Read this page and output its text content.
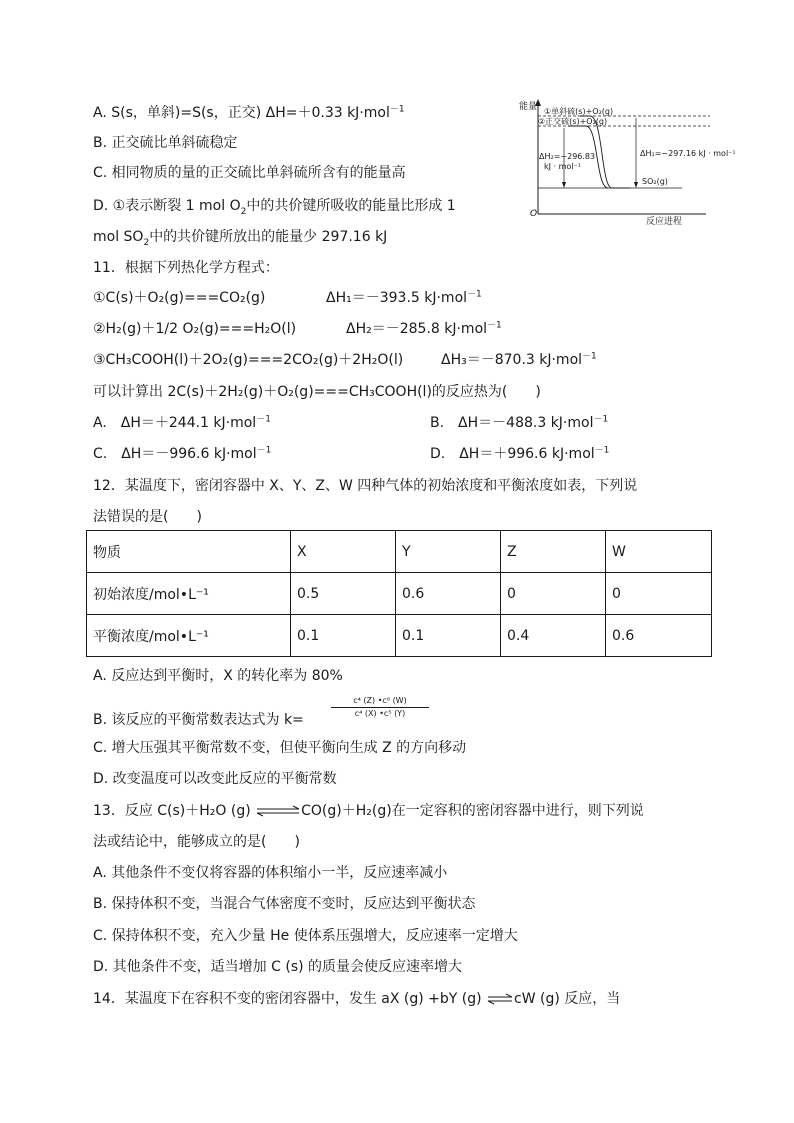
A. S(s，单斜)=S(s，正交) ΔH=＋0.33 kJ·mol$^{-1}$
B. 正交硫比单斜硫稳定
C. 相同物质的量的正交硫比单斜硫所含有的能量高
D. ①表示断裂 1 mol $O_2$中的共价键所吸收的能量比形成 1
mol $SO_2$中的共价键所放出的能量少 297.16 kJ
能量
O
反应进程
①单斜硫(s)+O₂(g)
②正交硫(s)+O₂(g)
ΔH₂=−296.83
kJ · mol⁻¹
ΔH₁=−297.16 kJ · mol⁻¹
SO₂(g)
11．根据下列热化学方程式：
①C(s)＋O₂(g)===CO₂(g)	ΔH₁＝－393.5 kJ·mol$^{-1}$
②H₂(g)＋1/2 O₂(g)===H₂O(l)	ΔH₂＝－285.8 kJ·mol$^{-1}$
③CH₃COOH(l)＋2O₂(g)===2CO₂(g)＋2H₂O(l)	ΔH₃＝－870.3 kJ·mol$^{-1}$
可以计算出 2C(s)＋2H₂(g)＋O₂(g)===CH₃COOH(l)的反应热为(　　)
A.　ΔH＝＋244.1 kJ·mol$^{-1}$	B.　ΔH＝－488.3 kJ·mol$^{-1}$
C.　ΔH＝－996.6 kJ·mol$^{-1}$	D.　ΔH＝＋996.6 kJ·mol$^{-1}$
12．某温度下，密闭容器中 X、Y、Z、W 四种气体的初始浓度和平衡浓度如表，下列说
法错误的是(　　)
物质	X	Y	Z	W
初始浓度/mol•L⁻¹	0.5	0.6	0	0
平衡浓度/mol•L⁻¹	0.1	0.1	0.4	0.6
A. 反应达到平衡时，X 的转化率为 80%
B. 该反应的平衡常数表达式为 k=
c⁴ (Z) •c⁶ (W)
c⁴ (X) •c⁵ (Y)
C. 增大压强其平衡常数不变，但使平衡向生成 Z 的方向移动
D. 改变温度可以改变此反应的平衡常数
13．反应 C(s)＋H₂O (g) ⇌CO(g)＋H₂(g)在一定容积的密闭容器中进行，则下列说
法或结论中，能够成立的是(　　)
A. 其他条件不变仅将容器的体积缩小一半，反应速率减小
B. 保持体积不变，当混合气体密度不变时，反应达到平衡状态
C. 保持体积不变，充入少量 He 使体系压强增大，反应速率一定增大
D. 其他条件不变，适当增加 C (s) 的质量会使反应速率增大
14．某温度下在容积不变的密闭容器中，发生 aX (g) +bY (g) ⇌cW (g) 反应，当
